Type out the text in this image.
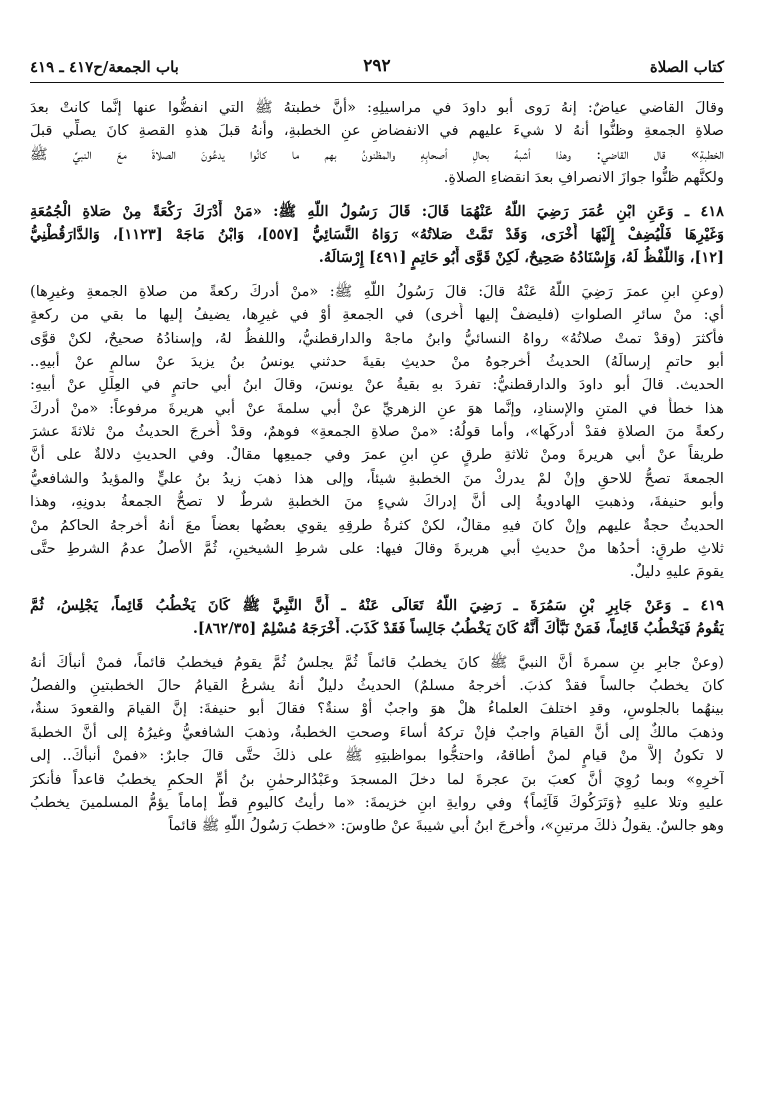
كتاب الصلاة
٢٩٢
باب الجمعة/ح٤١٧ ـ ٤١٩
وقالَ القاضي عياضٌ: إنهُ رَوى أبو داودَ في مراسيلِهِ: «أنَّ خطبتهُ ﷺ التي انفضُّوا عنها إنَّما كانتْ بعدَ
صلاةِ الجمعةِ وظنُّوا أنهُ لا شيءَ عليهم في الانفضاضِ عنِ الخطبةِ، وأنهُ قبلَ هذهِ القصةِ كانَ يصلِّي قبلَ
الخطبةِ» قال القاضي: وهذا أشبهُ بحالِ أصحابِهِ والمظنونُ بهم ما كانُوا يدعُونَ الصلاةَ معَ النبيِّ ﷺ
ولكنَّهم ظنُّوا جوازَ الانصرافِ بعدَ انقضاءِ الصلاةِ.
٤١٨ ـ وَعَنِ ابْنِ عُمَرَ رَضِيَ اللَّهُ عَنْهُمَا قَالَ: قَالَ رَسُولُ اللَّهِ ﷺ: «مَنْ أَدْرَكَ رَكْعَةً مِنْ صَلاةِ الْجُمُعَةِ
وَغَيْرِهَا فَلْيُضِفْ إِلَيْهَا أُخْرَى، وَقَدْ تَمَّتْ صَلاتُهُ» رَوَاهُ النَّسَائِيُّ [٥٥٧]، وَابْنُ مَاجَهْ [١١٢٣]، وَالدَّارَقُطْنِيُّ
[١٢]، وَاللَّفْظُ لَهُ، وَإِسْنَادُهُ صَحِيحٌ، لَكِنْ قَوَّى أَبُو حَاتِمٍ [٤٩١] إِرْسَالَهُ.
(وعنِ ابنِ عمرَ رَضِيَ اللَّهُ عَنْهُ قالَ: قالَ رَسُولُ اللَّهِ ﷺ: «منْ أدركَ ركعةً من صلاةِ الجمعةِ وغيرِها)
أي: منْ سائرِ الصلواتِ (فليضفْ إليها أُخرى) في الجمعةِ أوْ في غيرِها، يضيفُ إليها ما بقي من ركعةٍ
فأكثرَ (وقدْ تمتْ صلاتُهُ» رواهُ النسائيُّ وابنُ ماجهْ والدارقطنيُّ، واللفظُ لهُ، وإسنادُهُ صحيحٌ، لكنْ قوَّى
أبو حاتمٍ إرسالَهُ) الحديثُ أخرجوهُ منْ حديثِ بقيةَ حدثني يونسُ بنُ يزيدَ عنْ سالمٍ عنْ أبيهِ..
الحديث. قالَ أبو داودَ والدارقطنيُّ: تفردَ بهِ بقيةُ عنْ يونسَ، وقالَ ابنُ أبي حاتمٍ في العِلَلِ عنْ أبيهِ:
هذا خطأٌ في المتنِ والإسنادِ، وإنَّما هوَ عنِ الزهريِّ عنْ أبي سلمةَ عنْ أبي هريرةَ مرفوعاً: «منْ أدركَ
ركعةً منَ الصلاةِ فقدْ أدركَها»، وأما قولُهُ: «منْ صلاةِ الجمعةِ» فوهمٌ، وقدْ أُخرجَ الحديثُ منْ ثلاثةَ عشرَ
طريقاً عنْ أبي هريرةَ ومنْ ثلاثةِ طرقٍ عنِ ابنِ عمرَ وفي جميعِها مقالٌ. وفي الحديثِ دلالةٌ على أنَّ
الجمعةَ تصحُّ للاحقِ وإنْ لمْ يدركْ منَ الخطبةِ شيئاً، وإلى هذا ذهبَ زيدُ بنُ عليٍّ والمؤيدُ والشافعيُّ
وأبو حنيفةَ، وذهبتِ الهادويةُ إلى أنَّ إدراكَ شيءٍ منَ الخطبةِ شرطٌ لا تصحُّ الجمعةُ بدونِهِ، وهذا
الحديثُ حجةٌ عليهم وإنْ كانَ فيهِ مقالٌ، لكنْ كثرةُ طرقِهِ يقوي بعضُها بعضاً معَ أنهُ أخرجهُ الحاكمُ منْ
ثلاثِ طرقٍ: أحدُها منْ حديثِ أبي هريرةَ وقالَ فيها: على شرطِ الشيخينِ، ثُمَّ الأصلُ عدمُ الشرطِ حتَّى
يقومَ عليهِ دليلٌ.
٤١٩ ـ وَعَنْ جَابِرِ بْنِ سَمُرَةَ ـ رَضِيَ اللَّهُ تَعَالَى عَنْهُ ـ أَنَّ النَّبِيَّ ﷺ كَانَ يَخْطُبُ قَائِماً، يَجْلِسُ، ثُمَّ
يَقُومُ فَيَخْطُبُ قَائِماً، فَمَنْ نَبَّأَكَ أَنَّهُ كَانَ يَخْطُبُ جَالِساً فَقَدْ كَذَبَ. أَخْرَجَهُ مُسْلِمٌ [٨٦٢/٣٥].
(وعنْ جابرِ بنِ سمرةَ أنَّ النبيَّ ﷺ كانَ يخطبُ قائماً ثُمَّ يجلسُ ثُمَّ يقومُ فيخطبُ قائماً، فمنْ أنبأكَ أنهُ
كانَ يخطبُ جالساً فقدْ كذبَ. أخرجهُ مسلمٌ) الحديثُ دليلٌ أنهُ يشرعُ القيامُ حالَ الخطبتينِ والفصلُ
بينهُما بالجلوسِ، وقدِ اختلفَ العلماءُ هلْ هوَ واجبٌ أوْ سنةٌ؟ فقالَ أبو حنيفةَ: إنَّ القيامَ والقعودَ سنةٌ،
وذهبَ مالكٌ إلى أنَّ القيامَ واجبٌ فإنْ تركهُ أساءَ وصحتِ الخطبةُ، وذهبَ الشافعيُّ وغيرُهُ إلى أنَّ الخطبةَ
لا تكونُ إلاَّ منْ قيامٍ لمنْ أطاقهُ، واحتجُّوا بمواظبتِهِ ﷺ على ذلكَ حتَّى قالَ جابرٌ: «فمنْ أنبأكَ.. إلى
آخرِهِ» وبما رُوِيَ أنَّ كعبَ بنَ عجرةَ لما دخلَ المسجدَ وعَبْدُالرحمٰنِ بنُ أمِّ الحكمِ يخطبُ قاعداً فأنكرَ
عليهِ وتلا عليهِ ﴿وَتَرَكُوكَ قَآئِماً﴾ وفي روايةِ ابنِ خزيمةَ: «ما رأيتُ كاليومِ قطُّ إماماً يؤمُّ المسلمينَ يخطبُ
وهو جالسٌ. يقولُ ذلكَ مرتينِ»، وأخرجَ ابنُ أبي شيبةَ عنْ طاوسَ: «خطبَ رَسُولُ اللَّهِ ﷺ قائماً
